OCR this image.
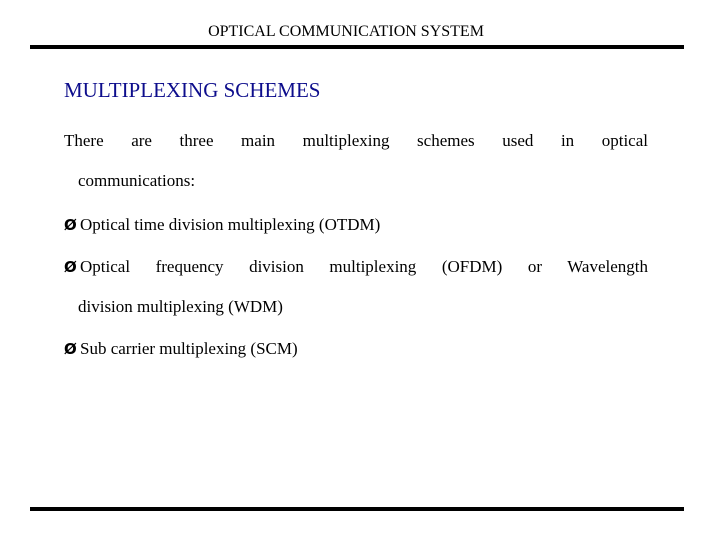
OPTICAL COMMUNICATION SYSTEM
MULTIPLEXING SCHEMES
There are three main multiplexing schemes used in optical
communications:
Ø Optical time division multiplexing (OTDM)
Ø Optical frequency division multiplexing (OFDM) or Wavelength
division multiplexing (WDM)
Ø Sub carrier multiplexing (SCM)
